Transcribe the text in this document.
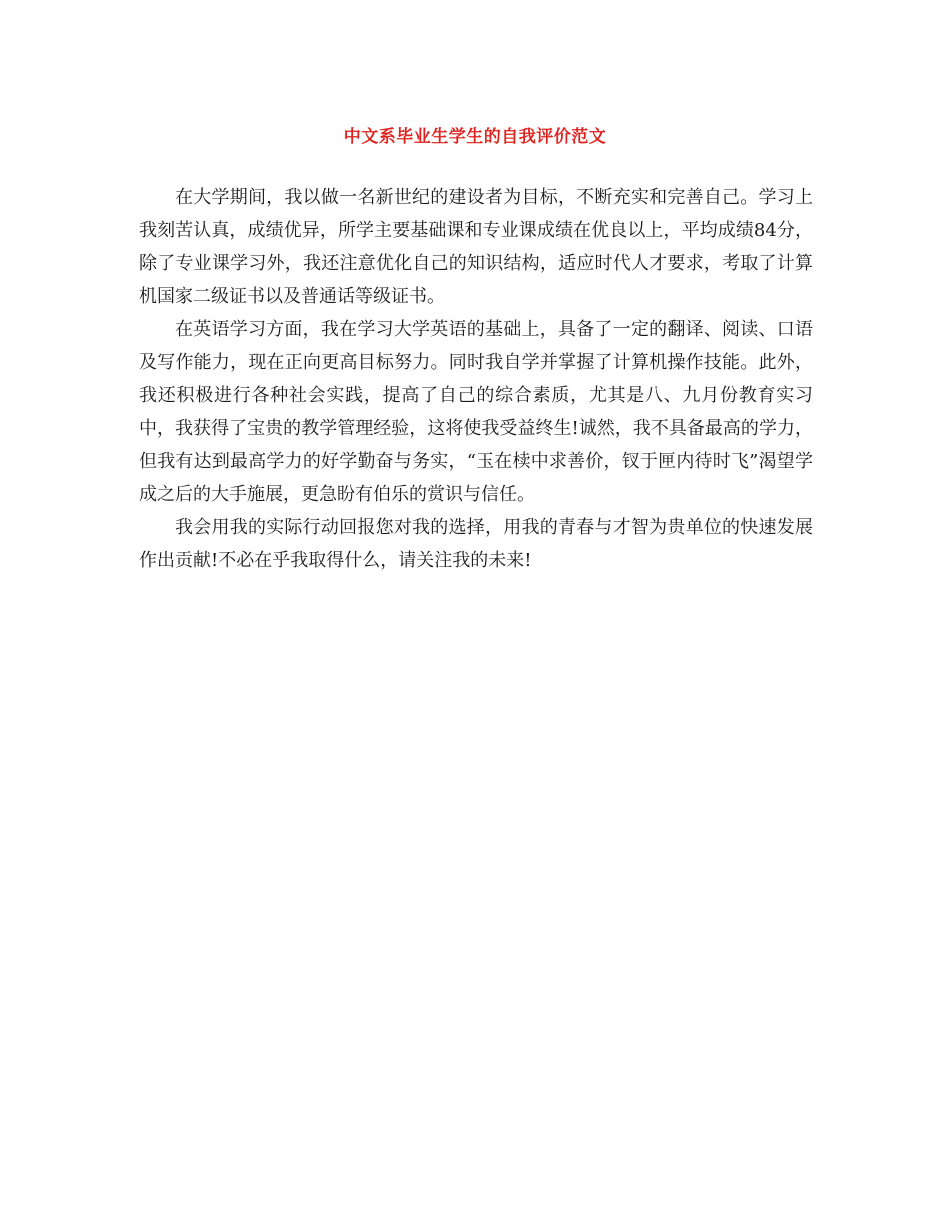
中文系毕业生学生的自我评价范文

在大学期间，我以做一名新世纪的建设者为目标，不断充实和完善自己。学习上我刻苦认真，成绩优异，所学主要基础课和专业课成绩在优良以上，平均成绩84分，除了专业课学习外，我还注意优化自己的知识结构，适应时代人才要求，考取了计算机国家二级证书以及普通话等级证书。

在英语学习方面，我在学习大学英语的基础上，具备了一定的翻译、阅读、口语及写作能力，现在正向更高目标努力。同时我自学并掌握了计算机操作技能。此外，我还积极进行各种社会实践，提高了自己的综合素质，尤其是八、九月份教育实习中，我获得了宝贵的教学管理经验，这将使我受益终生!诚然，我不具备最高的学力，但我有达到最高学力的好学勤奋与务实，“玉在椟中求善价，钗于匣内待时飞”渴望学成之后的大手施展，更急盼有伯乐的赏识与信任。

我会用我的实际行动回报您对我的选择，用我的青春与才智为贵单位的快速发展作出贡献!不必在乎我取得什么，请关注我的未来!
